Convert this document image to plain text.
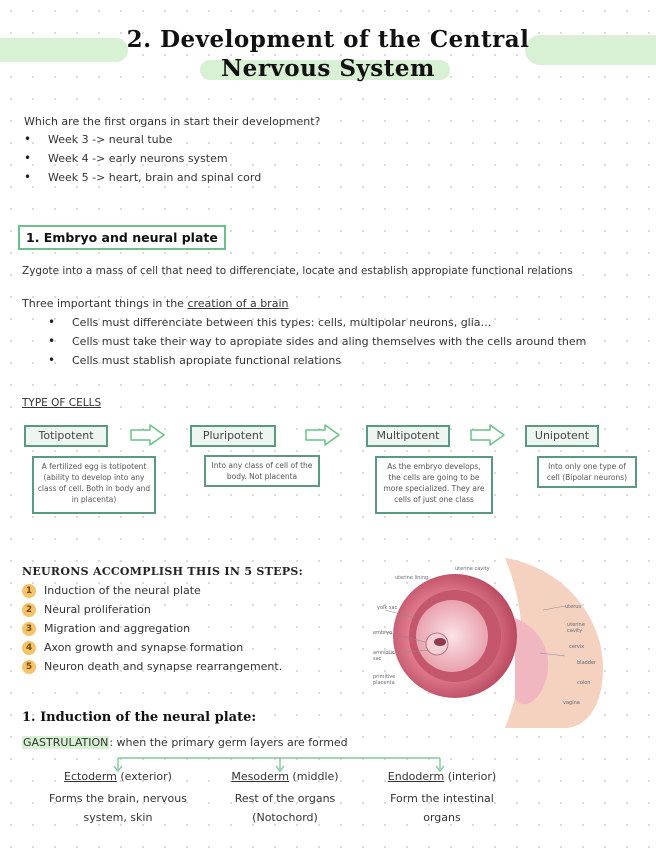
2. Development of the Central
Nervous System
Which are the first organs in start their development?
• Week 3 -> neural tube
• Week 4 -> early neurons system
• Week 5 -> heart, brain and spinal cord
1. Embryo and neural plate
Zygote into a mass of cell that need to differenciate, locate and establish appropiate functional relations
Three important things in the creation of a brain
• Cells must differenciate between this types: cells, multipolar neurons, glia…
• Cells must take their way to apropiate sides and aling themselves with the cells around them
• Cells must stablish apropiate functional relations
TYPE OF CELLS
Totipotent	Pluripotent	Multipotent	Unipotent
A fertilized egg is totipotent (ability to develop into any class of cell. Both in body and in placenta)
Into any class of cell of the body. Not placenta
As the embryo develops, the cells are going to be more specialized. They are cells of just one class
Into only one type of cell (Bipolar neurons)
NEURONS ACCOMPLISH THIS IN 5 STEPS:
1	Induction of the neural plate
2	Neural proliferation
3	Migration and aggregation
4	Axon growth and synapse formation
5	Neuron death and synapse rearrangement.
uterine cavity
uterine lining
yolk sac
embryo
amniotic sac
primitive placenta
uterus
uterine cavity
cervix
bladder
colon
vagina
1. Induction of the neural plate:
GASTRULATION: when the primary germ layers are formed
Ectoderm (exterior)
Forms the brain, nervous system, skin
Mesoderm (middle)
Rest of the organs (Notochord)
Endoderm (interior)
Form the intestinal organs
